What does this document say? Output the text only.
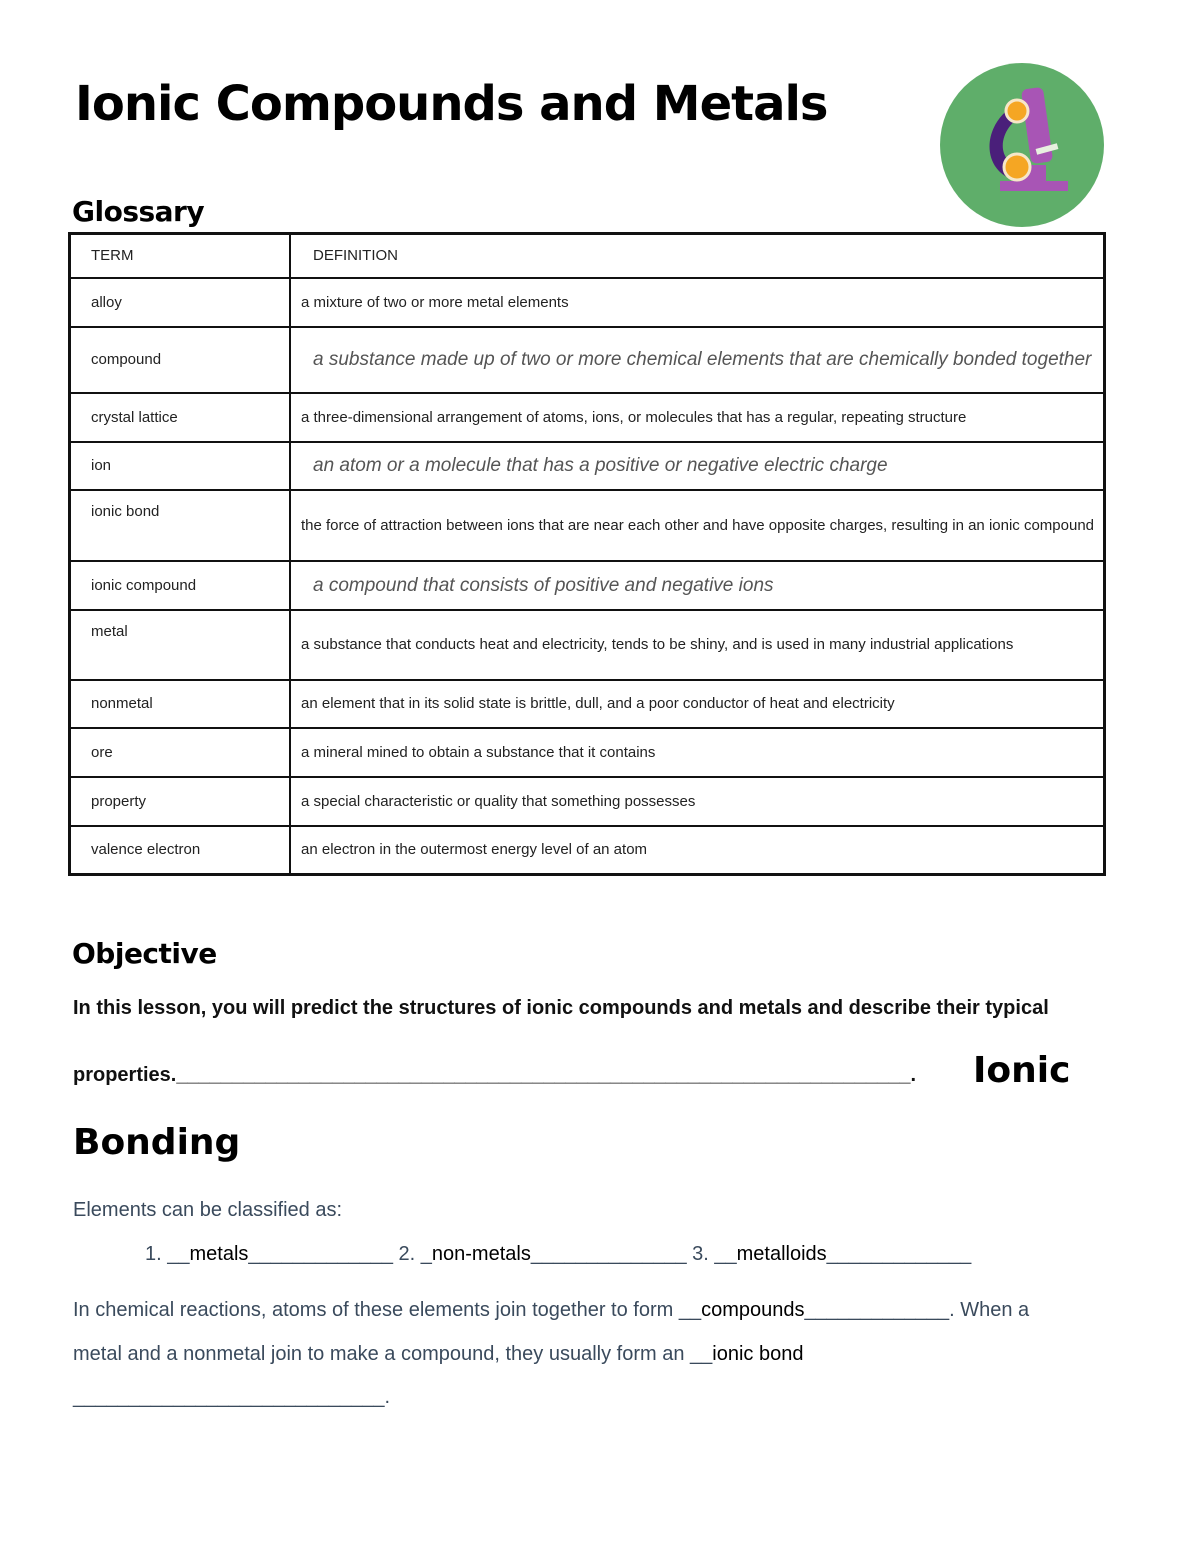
Ionic Compounds and Metals
Glossary
TERM	DEFINITION
alloy	a mixture of two or more metal elements
compound	a substance made up of two or more chemical elements that are chemically bonded together
crystal lattice	a three-dimensional arrangement of atoms, ions, or molecules that has a regular, repeating structure
ion	an atom or a molecule that has a positive or negative electric charge
ionic bond	the force of attraction between ions that are near each other and have opposite charges, resulting in an ionic compound
ionic compound	a compound that consists of positive and negative ions
metal	a substance that conducts heat and electricity, tends to be shiny, and is used in many industrial applications
nonmetal	an element that in its solid state is brittle, dull, and a poor conductor of heat and electricity
ore	a mineral mined to obtain a substance that it contains
property	a special characteristic or quality that something possesses
valence electron	an electron in the outermost energy level of an atom
Objective
In this lesson, you will predict the structures of ionic compounds and metals and describe their typical
properties.__________________________________________________________________. Ionic
Bonding
Elements can be classified as:
1. __metals_____________ 2. _non-metals______________ 3. __metalloids_____________
In chemical reactions, atoms of these elements join together to form __compounds_____________. When a
metal and a nonmetal join to make a compound, they usually form an __ionic bond
____________________________.
